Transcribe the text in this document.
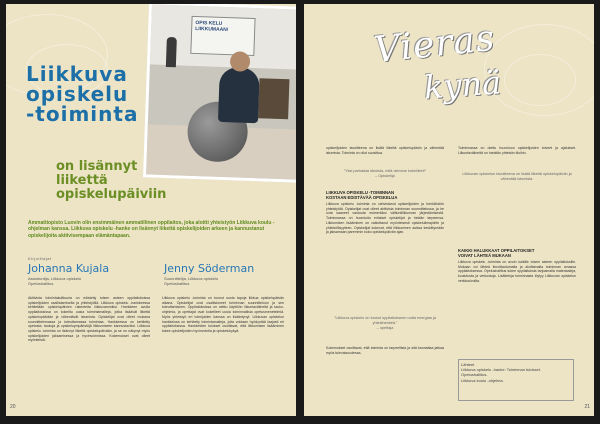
OPIS KELU LIIKKUMAAN!
Liikkuva
opiskelu
-toiminta
on lisännyt
liikettä
opiskelupäiviin

Ammattiopisto Luovin olin ensimmäinen ammatillinen oppilaitos, joka aloitti yhteistyön Liikkuva koulu -ohjelman kanssa. Liikkuva opiskelu -hanke on lisännyt liikettä opiskelijoiden arkeen ja kannustanut opiskelijoita aktiivisempaan elämäntapaan.

Kirjoittajat
Johanna Kujala
Asiantuntija, Liikkuva opiskelu
Opetushallitus
Jenny Söderman
Suunnittelija, Liikkuva opiskelu
Opetushallitus

Aktiivista toimintakulttuuria on edistetty toisen asteen oppilaitoksissa opiskelijoiden osallistamisella ja yhteistyöllä. Liikkuva opiskelu -hankkeessa kehitetään opiskelupäivien rakenteita liikkuvammiksi. Hankkeen avulla oppilaitoksissa on kokeiltu uusia toimintamalleja, jotka lisäävät liikettä opiskelupäivään ja vähentävät istumista. Opiskelijat ovat olleet mukana suunnittelemassa ja toteuttamassa toimintaa. Hankkeessa on kehitetty opetusta, taukoja ja opiskeluympäristöjä liikkumiseen kannustaviksi. Liikkuva opiskelu -toiminta on lisännyt liikettä opiskelupäivään, ja se on näkynyt myös opiskelijoiden jaksamisessa ja hyvinvoinnissa. Kokemukset ovat olleet myönteisiä.

Liikkuva opiskelu -toiminta on tuonut uusia tapoja liikkua opiskelupäivän aikana. Opiskelijat ovat osallistuneet toiminnan suunnitteluun ja sen toteuttamiseen. Oppilaitoksissa on otettu käyttöön liikuntavälineitä ja tauko-ohjelmia, ja opettajat ovat kokeilleet uusia toiminnallisia opetusmenetelmiä. Myös yhteistyö eri toimijoiden kanssa on lisääntynyt. Liikkuvan opiskelun hankkeissa on kehitetty toimintamalleja, joita voidaan hyödyntää laajasti eri oppilaitoksissa. Hankkeiden tulokset osoittavat, että liikkumisen lisääminen tukee opiskelijoiden hyvinvointia ja opiskelukykyä.

20
Vieras
kynä

opiskelijoiden tavoitteena on lisätä liikettä opiskelupäiviin ja vähentää istumista. Toiminta on ollut suosittua.

"Yksi parhaista ideoista, mitä olemme kokeilleet!"
– Opiskelija
LIIKKUVA OPISKELU -TOIMINNAN
KOSTAAN EDISTÄVÄÄ OPISKELUA

Liikkuva opiskelu -toiminta on vahvistanut opiskelijoiden ja henkilöstön yhteistyötä. Opiskelijat ovat olleet aktiivisia toiminnan suunnittelussa, ja he ovat saaneet vastuuta esimerkiksi välituntiliikunnan järjestämisestä. Toiminnassa on huomioitu erilaiset opiskelijat ja heidän tarpeensa. Liikkumisen lisääminen on vaikuttanut myönteisesti opiskeluilmapiiriin ja yhteisöllisyyteen. Opiskelijat kokevat, että liikkuminen auttaa keskittymään ja jaksamaan paremmin koko opiskelupäivän ajan.

"Liikkuva opiskelu on tuonut oppilaitokseen uutta energiaa ja yhteishenkeä."
– opettaja

Kokemukset osoittavat, että toiminta on tarpeellista ja sitä kannattaa jatkaa myös tulevaisuudessa.

Toiminnassa on otettu huomioon opiskelijoiden toiveet ja ajatukset. Liikuntavälineitä on hankittu yhteisiin tiloihin.

Liikkuvan opiskelun tavoitteena on lisätä liikettä opiskelupäiviin ja vähentää istumista.
KAIKKI HALUKKAAT OPPILAITOKSET
VOIVAT LÄHTEÄ MUKAAN

Liikkuva opiskelu -toiminta on avoin kaikille toisen asteen oppilaitoksille. Mukaan voi lähteä ilmoittautumalla ja aloittamalla toiminnan omassa oppilaitoksessa. Opetushallitus tukee oppilaitoksia tarjoamalla materiaaleja, koulutusta ja verkostoja. Lisätietoja toiminnasta löytyy Liikkuvan opiskelun verkkosivuilta.

Lähteet
Liikkuva opiskelu -hanke: Toiminnan tulokset.
Opetushallitus.
Liikkuva koulu -ohjelma.
21
